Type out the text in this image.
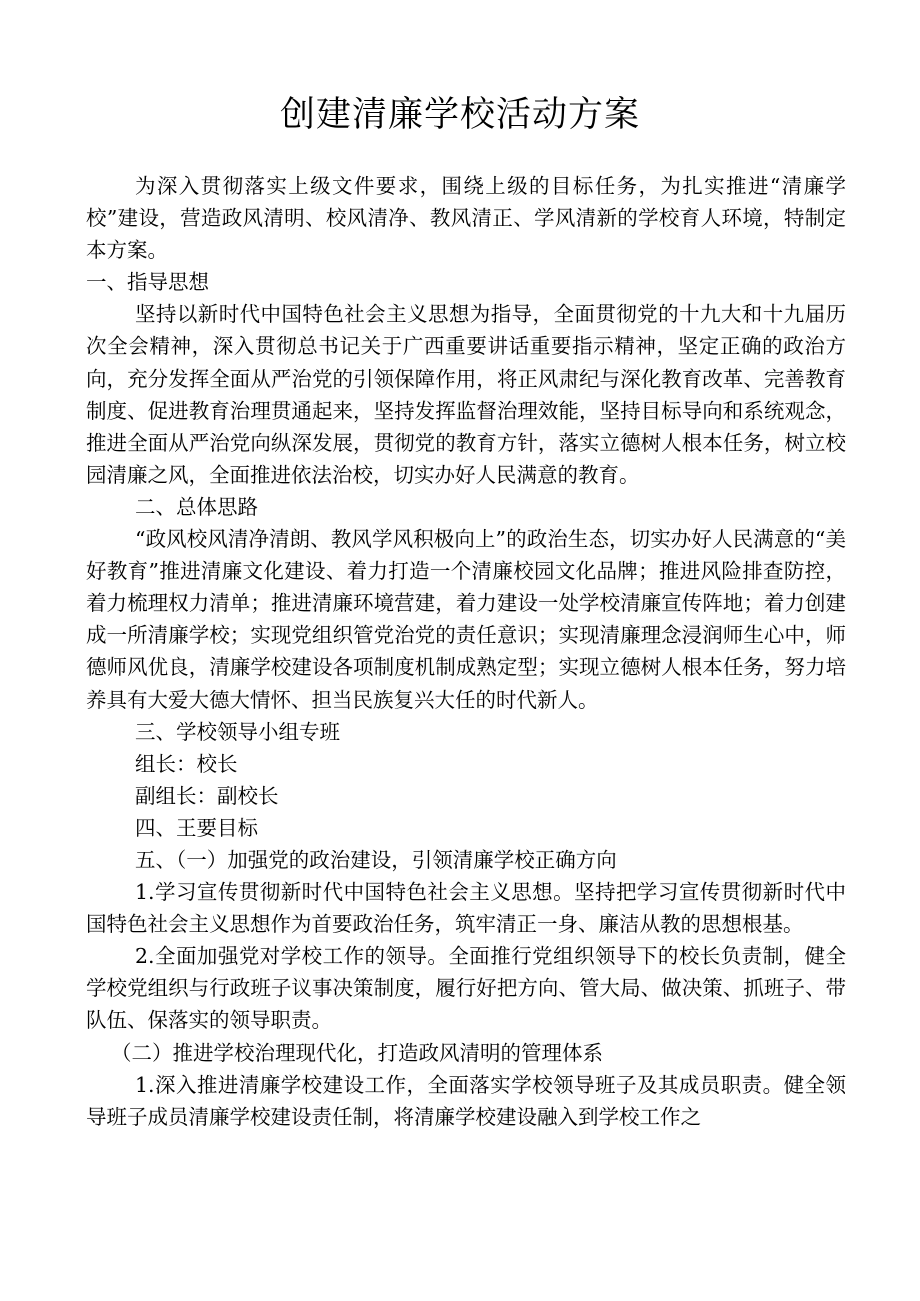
创建清廉学校活动方案

为深入贯彻落实上级文件要求，围绕上级的目标任务，为扎实推进“清廉学校”建设，营造政风清明、校风清净、教风清正、学风清新的学校育人环境，特制定本方案。

一、指导思想

坚持以新时代中国特色社会主义思想为指导，全面贯彻党的十九大和十九届历次全会精神，深入贯彻总书记关于广西重要讲话重要指示精神，坚定正确的政治方向，充分发挥全面从严治党的引领保障作用，将正风肃纪与深化教育改革、完善教育制度、促进教育治理贯通起来，坚持发挥监督治理效能，坚持目标导向和系统观念，推进全面从严治党向纵深发展，贯彻党的教育方针，落实立德树人根本任务，树立校园清廉之风，全面推进依法治校，切实办好人民满意的教育。

二、总体思路

“政风校风清净清朗、教风学风积极向上”的政治生态，切实办好人民满意的“美好教育”推进清廉文化建设、着力打造一个清廉校园文化品牌；推进风险排查防控，着力梳理权力清单；推进清廉环境营建，着力建设一处学校清廉宣传阵地；着力创建成一所清廉学校；实现党组织管党治党的责任意识；实现清廉理念浸润师生心中，师德师风优良，清廉学校建设各项制度机制成熟定型；实现立德树人根本任务，努力培养具有大爱大德大情怀、担当民族复兴大任的时代新人。

三、学校领导小组专班

组长：校长

副组长：副校长

四、王要目标

五、（一）加强党的政治建设，引领清廉学校正确方向

1.学习宣传贯彻新时代中国特色社会主义思想。坚持把学习宣传贯彻新时代中国特色社会主义思想作为首要政治任务，筑牢清正一身、廉洁从教的思想根基。

2.全面加强党对学校工作的领导。全面推行党组织领导下的校长负责制，健全学校党组织与行政班子议事决策制度，履行好把方向、管大局、做决策、抓班子、带队伍、保落实的领导职责。

（二）推进学校治理现代化，打造政风清明的管理体系

1.深入推进清廉学校建设工作，全面落实学校领导班子及其成员职责。健全领导班子成员清廉学校建设责任制，将清廉学校建设融入到学校工作之
